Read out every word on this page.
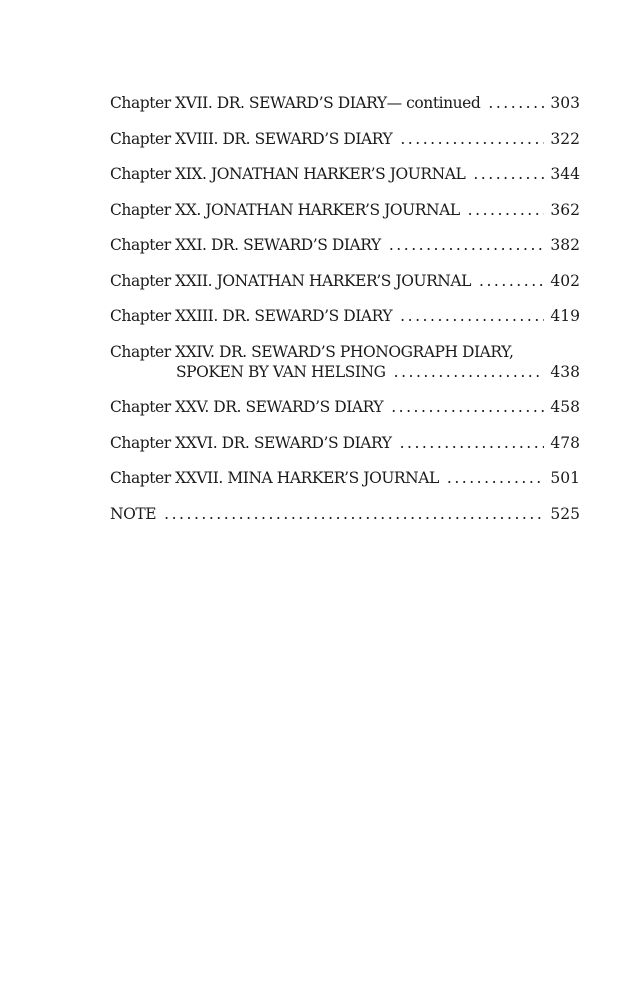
Chapter XVII. DR. SEWARD’S DIARY— continued . . .	303
Chapter XVIII. DR. SEWARD’S DIARY . . .	322
Chapter XIX. JONATHAN HARKER’S JOURNAL . . .	344
Chapter XX. JONATHAN HARKER’S JOURNAL . . .	362
Chapter XXI. DR. SEWARD’S DIARY . . .	382
Chapter XXII. JONATHAN HARKER’S JOURNAL . . .	402
Chapter XXIII. DR. SEWARD’S DIARY . . .	419
Chapter XXIV. DR. SEWARD’S PHONOGRAPH DIARY,
SPOKEN BY VAN HELSING . . .	438
Chapter XXV. DR. SEWARD’S DIARY . . .	458
Chapter XXVI. DR. SEWARD’S DIARY . . .	478
Chapter XXVII. MINA HARKER’S JOURNAL . . .	501
NOTE . . .	525
